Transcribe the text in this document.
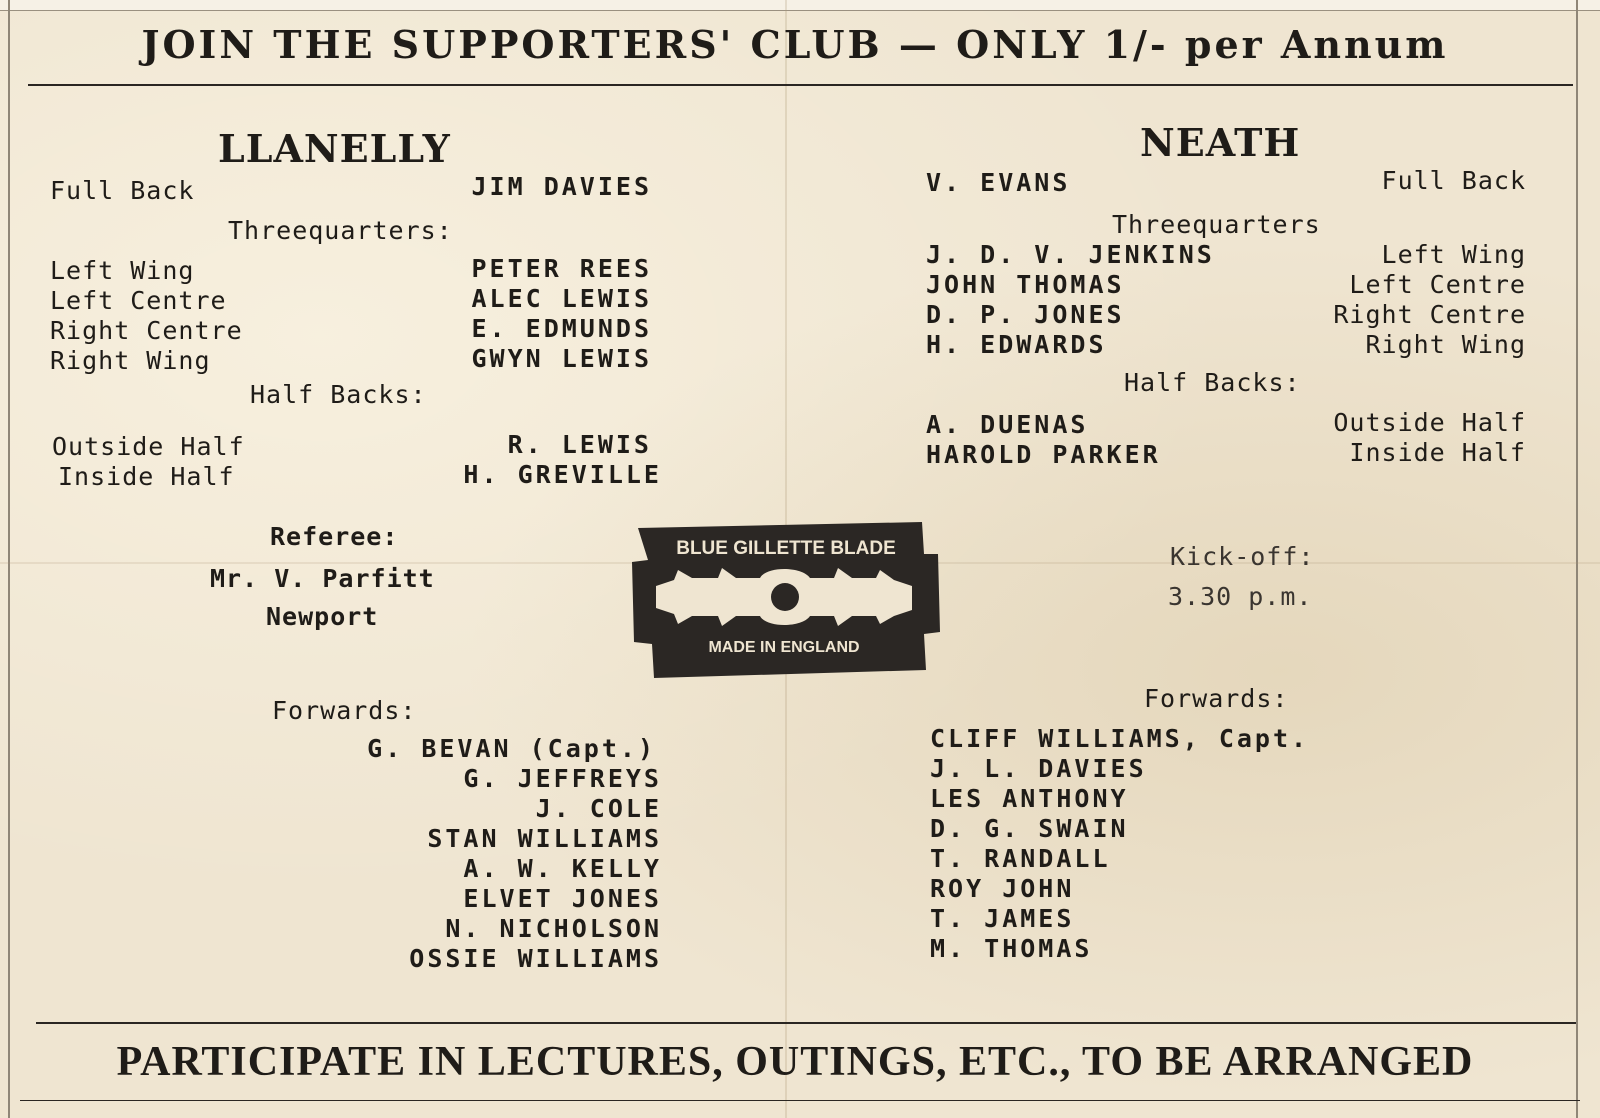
JOIN THE SUPPORTERS' CLUB — ONLY 1/- per Annum
LLANELLY
Full Back	JIM DAVIES
Threequarters:
Left Wing	PETER REES
Left Centre	ALEC LEWIS
Right Centre	E. EDMUNDS
Right Wing	GWYN LEWIS
Half Backs:
Outside Half	R. LEWIS
Inside Half	H. GREVILLE
Referee:
Mr. V. Parfitt
Newport
Forwards:
G. BEVAN (Capt.)
G. JEFFREYS
J. COLE
STAN WILLIAMS
A. W. KELLY
ELVET JONES
N. NICHOLSON
OSSIE WILLIAMS
BLUE GILLETTE BLADE
MADE IN ENGLAND
NEATH
V. EVANS	Full Back
Threequarters
J. D. V. JENKINS	Left Wing
JOHN THOMAS	Left Centre
D. P. JONES	Right Centre
H. EDWARDS	Right Wing
Half Backs:
A. DUENAS	Outside Half
HAROLD PARKER	Inside Half
Kick-off:
3.30 p.m.
Forwards:
CLIFF WILLIAMS, Capt.
J. L. DAVIES
LES ANTHONY
D. G. SWAIN
T. RANDALL
ROY JOHN
T. JAMES
M. THOMAS
PARTICIPATE IN LECTURES, OUTINGS, ETC., TO BE ARRANGED
